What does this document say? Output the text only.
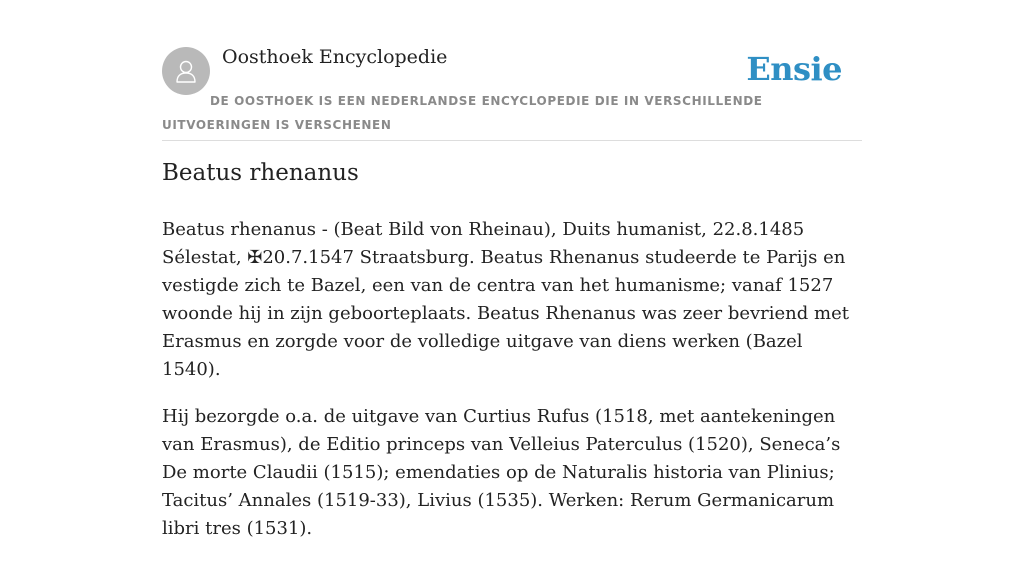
Oosthoek Encyclopedie	Ensie
DE OOSTHOEK IS EEN NEDERLANDSE ENCYCLOPEDIE DIE IN VERSCHILLENDE UITVOERINGEN IS VERSCHENEN
Beatus rhenanus

Beatus rhenanus - (Beat Bild von Rheinau), Duits humanist, 22.8.1485 Sélestat, ✠20.7.1547 Straatsburg. Beatus Rhenanus studeerde te Parijs en vestigde zich te Bazel, een van de centra van het humanisme; vanaf 1527 woonde hij in zijn geboorteplaats. Beatus Rhenanus was zeer bevriend met Erasmus en zorgde voor de volledige uitgave van diens werken (Bazel 1540).

Hij bezorgde o.a. de uitgave van Curtius Rufus (1518, met aantekeningen van Erasmus), de Editio princeps van Velleius Paterculus (1520), Seneca’s De morte Claudii (1515); emendaties op de Naturalis historia van Plinius; Tacitus’ Annales (1519-33), Livius (1535). Werken: Rerum Germanicarum libri tres (1531).
